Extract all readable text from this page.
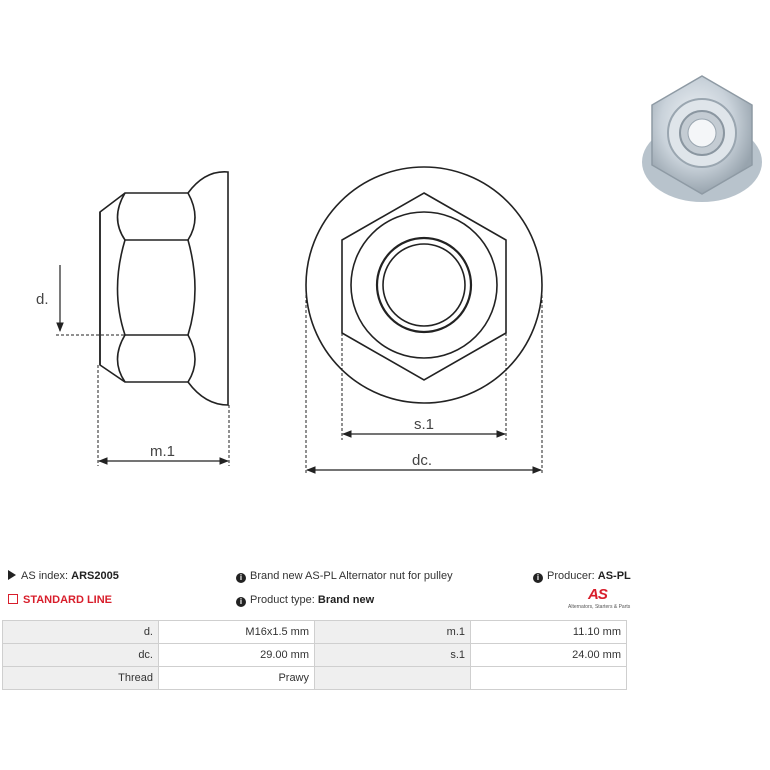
d.
m.1
s.1
dc.
AS index: ARS2005
STANDARD LINE
i Brand new AS-PL Alternator nut for pulley
i Product type: Brand new
i Producer: AS-PL
AS
Alternators, Starters & Parts
d.	M16x1.5 mm	m.1	11.10 mm
dc.	29.00 mm	s.1	24.00 mm
Thread	Prawy		
